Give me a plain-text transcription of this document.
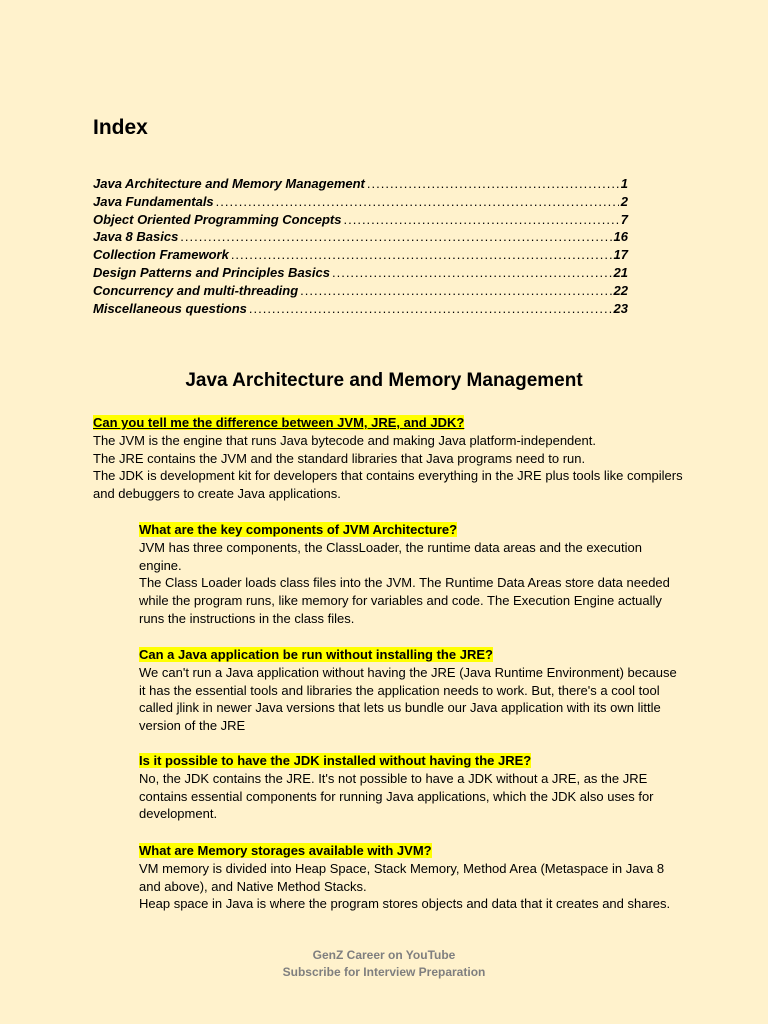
Index
Java Architecture and Memory Management .....	1
Java Fundamentals .....	2
Object Oriented Programming Concepts .....	7
Java 8 Basics .....	16
Collection Framework .....	17
Design Patterns and Principles Basics .....	21
Concurrency and multi-threading .....	22
Miscellaneous questions .....	23
Java Architecture and Memory Management
Can you tell me the difference between JVM, JRE, and JDK?

The JVM is the engine that runs Java bytecode and making Java platform-independent.

The JRE contains the JVM and the standard libraries that Java programs need to run.

The JDK is development kit for developers that contains everything in the JRE plus tools like compilers and debuggers to create Java applications.

What are the key components of JVM Architecture?

JVM has three components, the ClassLoader, the runtime data areas and the execution engine.

The Class Loader loads class files into the JVM. The Runtime Data Areas store data needed while the program runs, like memory for variables and code. The Execution Engine actually runs the instructions in the class files.

Can a Java application be run without installing the JRE?

We can't run a Java application without having the JRE (Java Runtime Environment) because it has the essential tools and libraries the application needs to work. But, there's a cool tool called jlink in newer Java versions that lets us bundle our Java application with its own little version of the JRE

Is it possible to have the JDK installed without having the JRE?

No, the JDK contains the JRE. It's not possible to have a JDK without a JRE, as the JRE contains essential components for running Java applications, which the JDK also uses for development.

What are Memory storages available with JVM?

VM memory is divided into Heap Space, Stack Memory, Method Area (Metaspace in Java 8 and above), and Native Method Stacks.

Heap space in Java is where the program stores objects and data that it creates and shares.

GenZ Career on YouTube
Subscribe for Interview Preparation
